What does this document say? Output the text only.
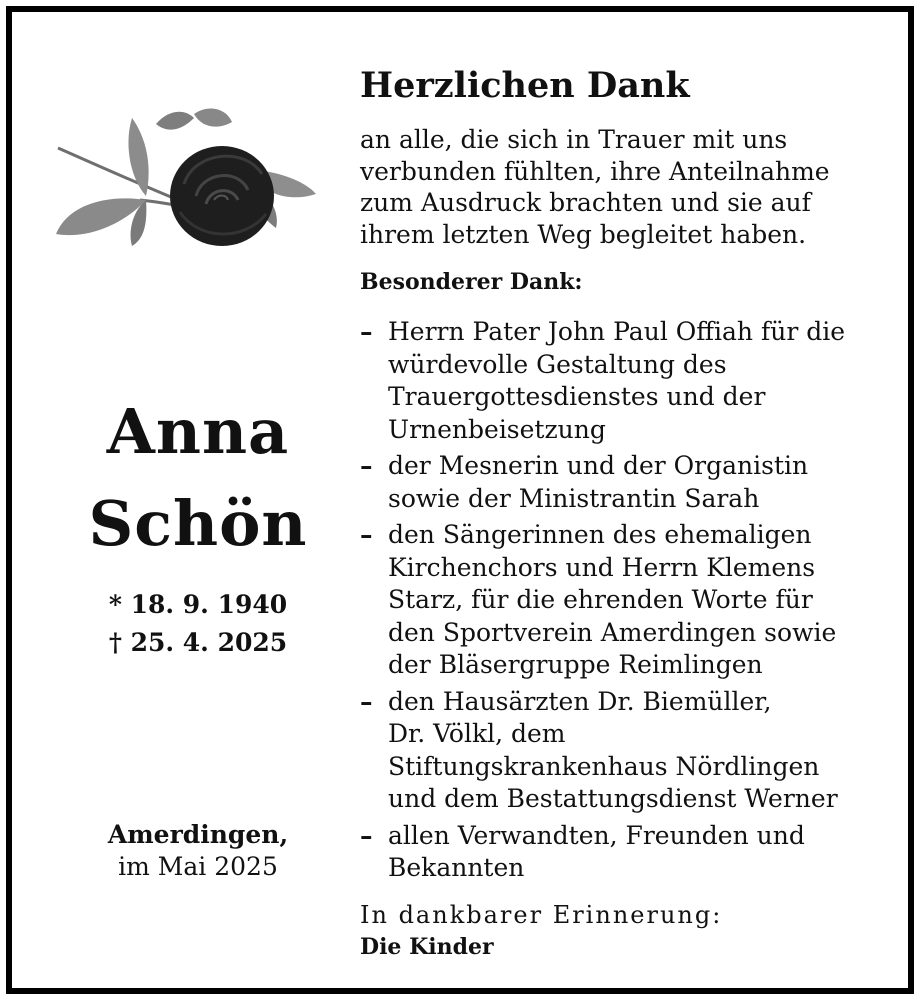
Anna
Schön
* 18. 9. 1940
† 25. 4. 2025
Amerdingen,
im Mai 2025
Herzlichen Dank
an alle, die sich in Trauer mit uns
verbunden fühlten, ihre Anteilnahme
zum Ausdruck brachten und sie auf
ihrem letzten Weg begleitet haben.
Besonderer Dank:
– Herrn Pater John Paul Offiah für die
würdevolle Gestaltung des
Trauergottesdienstes und der
Urnenbeisetzung
– der Mesnerin und der Organistin
sowie der Ministrantin Sarah
– den Sängerinnen des ehemaligen
Kirchenchors und Herrn Klemens
Starz, für die ehrenden Worte für
den Sportverein Amerdingen sowie
der Bläsergruppe Reimlingen
– den Hausärzten Dr. Biemüller,
Dr. Völkl, dem
Stiftungskrankenhaus Nördlingen
und dem Bestattungsdienst Werner
– allen Verwandten, Freunden und
Bekannten
In dankbarer Erinnerung:
Die Kinder
